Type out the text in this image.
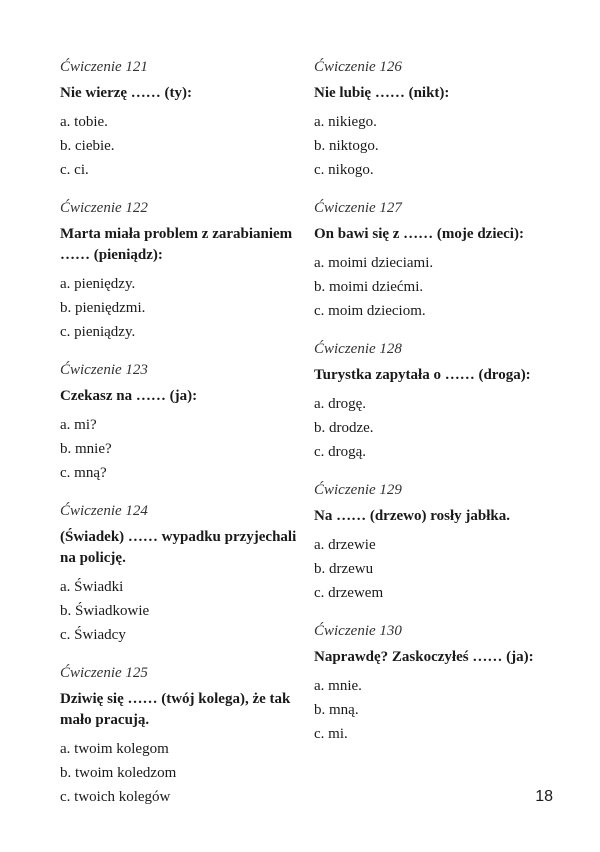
Ćwiczenie 121
Nie wierzę …… (ty):
a. tobie.
b. ciebie.
c. ci.
Ćwiczenie 122
Marta miała problem z zarabianiem …… (pieniądz):
a. pieniędzy.
b. pieniędzmi.
c. pieniądzy.
Ćwiczenie 123
Czekasz na …… (ja):
a. mi?
b. mnie?
c. mną?
Ćwiczenie 124
(Świadek) …… wypadku przyjechali na policję.
a. Świadki
b. Świadkowie
c. Świadcy
Ćwiczenie 125
Dziwię się …… (twój kolega), że tak mało pracują.
a. twoim kolegom
b. twoim koledzom
c. twoich kolegów
Ćwiczenie 126
Nie lubię …… (nikt):
a. nikiego.
b. niktogo.
c. nikogo.
Ćwiczenie 127
On bawi się z …… (moje dzieci):
a. moimi dzieciami.
b. moimi dziećmi.
c. moim dzieciom.
Ćwiczenie 128
Turystka zapytała o …… (droga):
a. drogę.
b. drodze.
c. drogą.
Ćwiczenie 129
Na …… (drzewo) rosły jabłka.
a. drzewie
b. drzewu
c. drzewem
Ćwiczenie 130
Naprawdę? Zaskoczyłeś …… (ja):
a. mnie.
b. mną.
c. mi.
18
